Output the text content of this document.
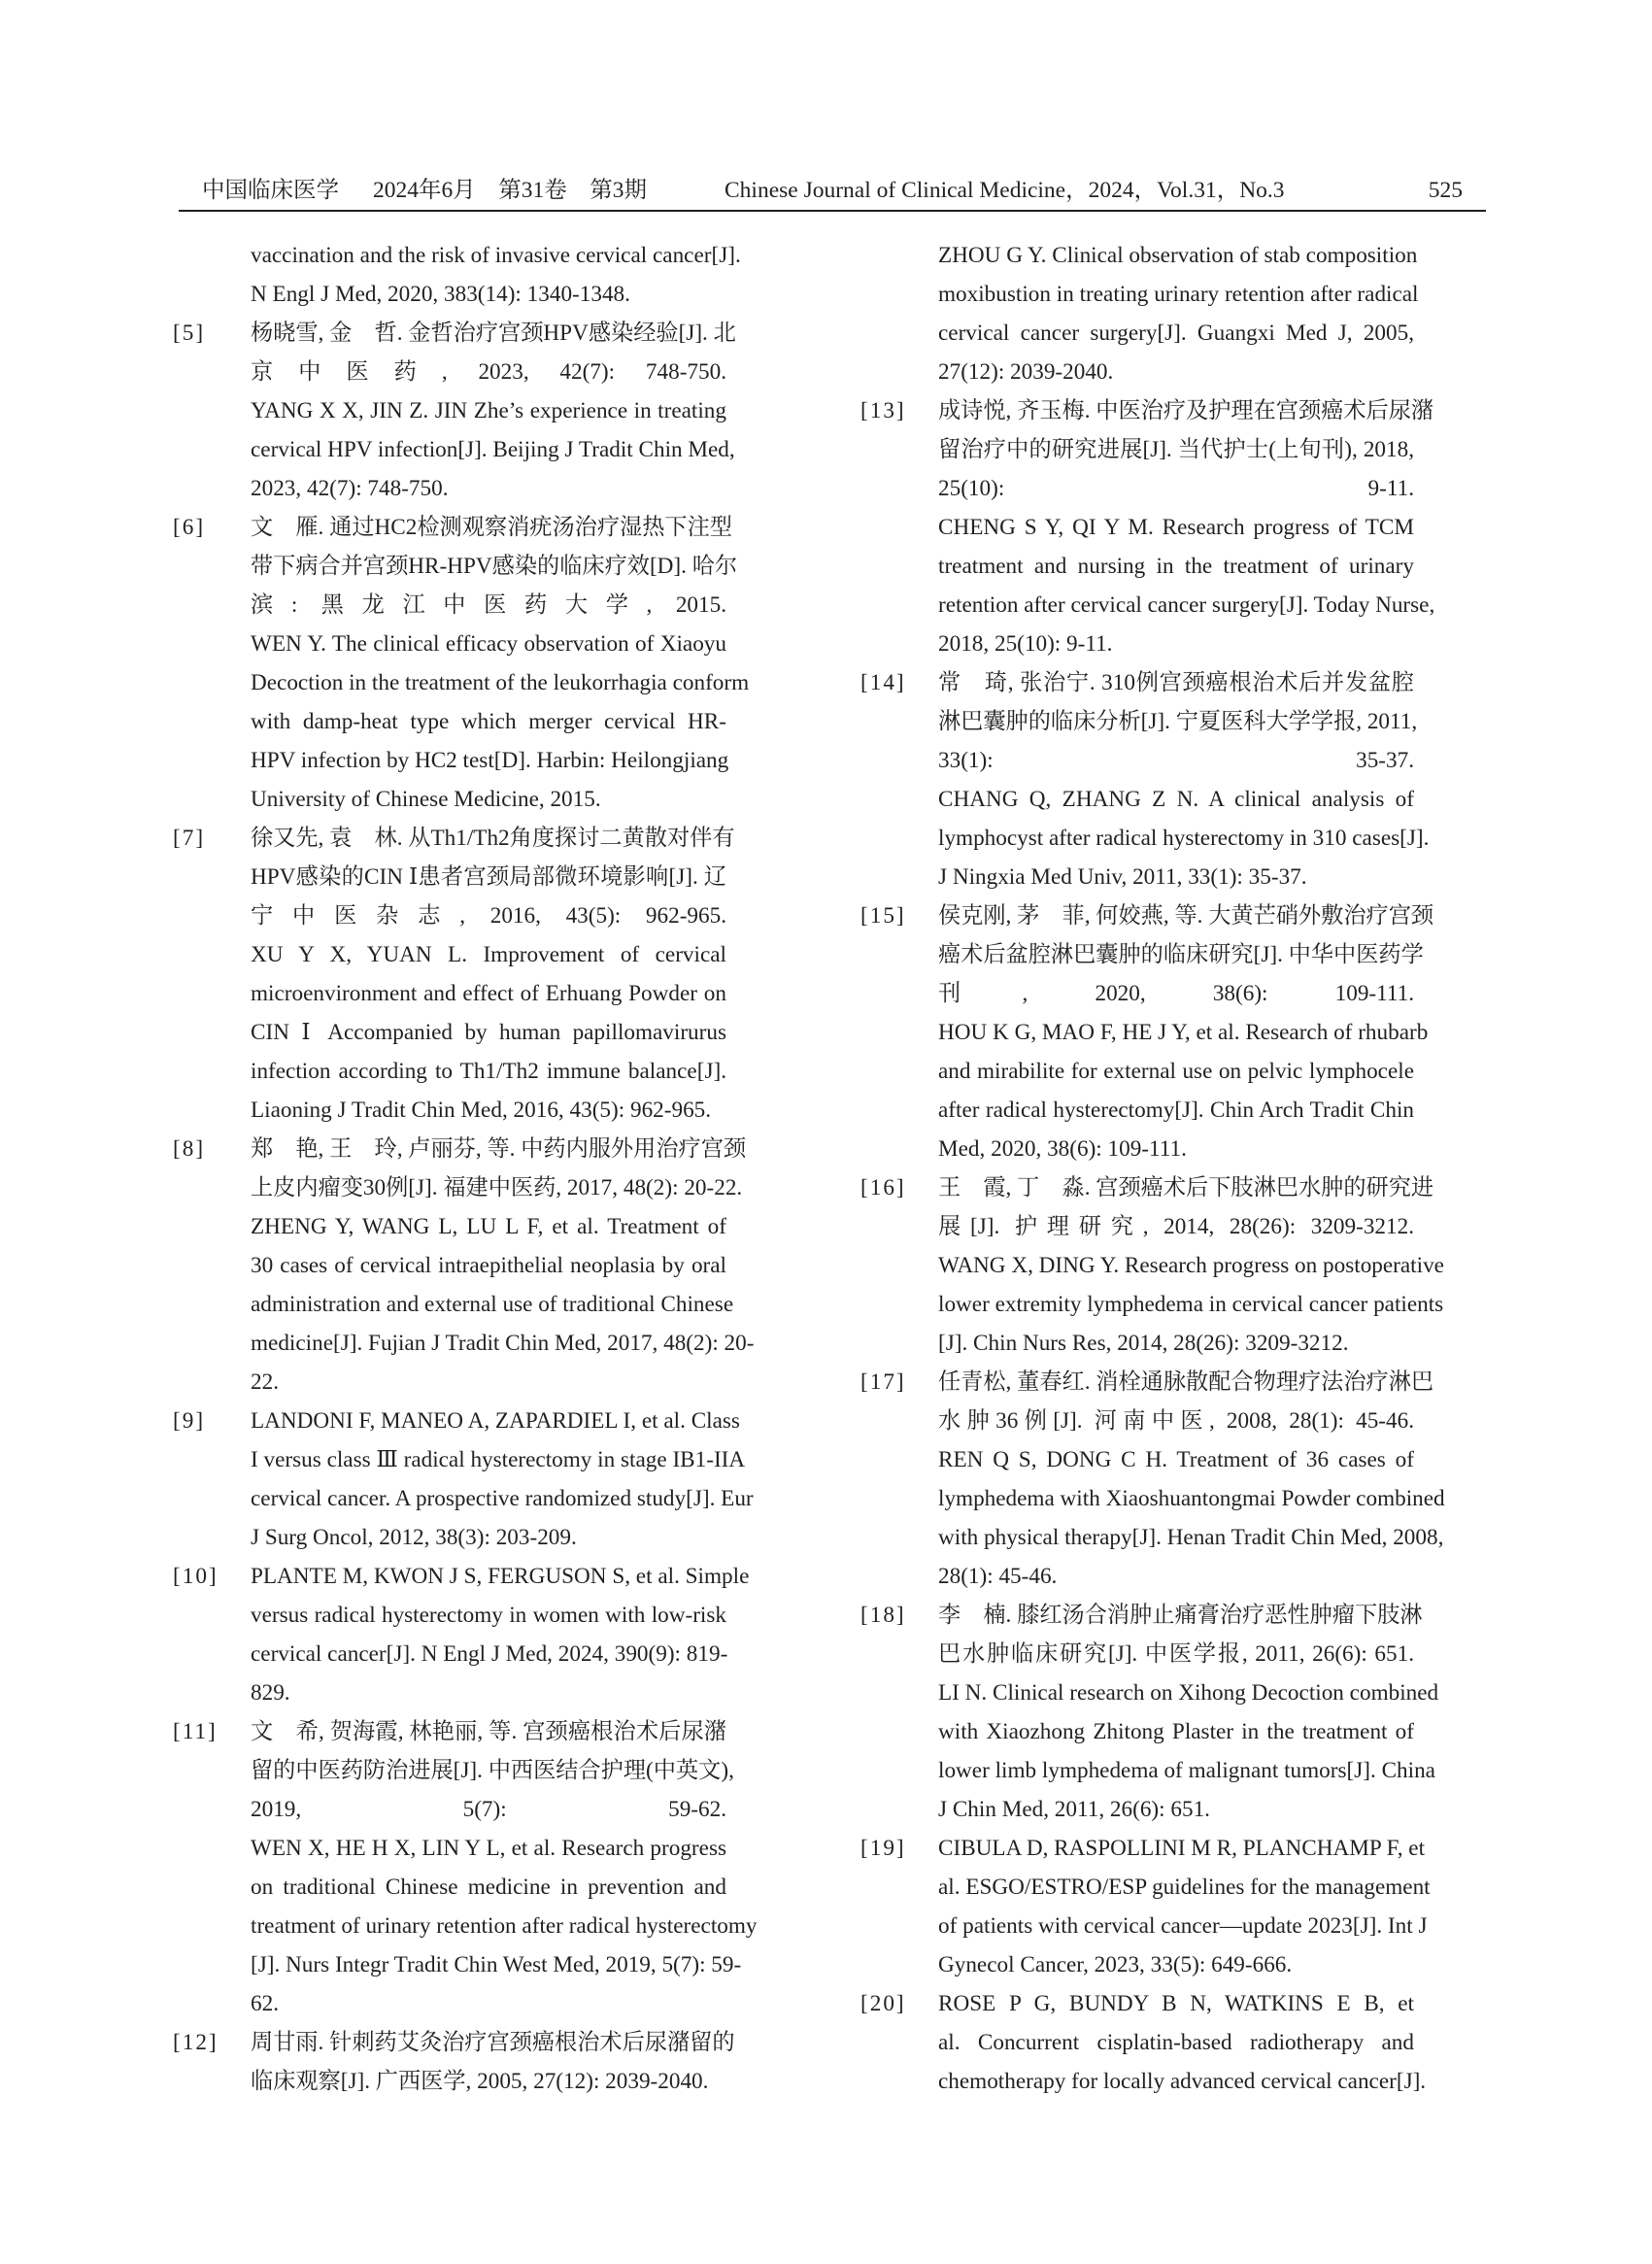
中国临床医学 2024年6月　第31卷　第3期	Chinese Journal of Clinical Medicine，2024，Vol.31，No.3	525
vaccination and the risk of invasive cervical cancer[J].
N Engl J Med, 2020, 383(14): 1340-1348.
[5] 杨晓雪, 金　哲. 金哲治疗宫颈HPV感染经验[J]. 北
京中医药, 2023, 42(7): 748-750.
YANG X X, JIN Z. JIN Zhe’s experience in treating
cervical HPV infection[J]. Beijing J Tradit Chin Med,
2023, 42(7): 748-750.
[6] 文　雁. 通过HC2检测观察消疣汤治疗湿热下注型
带下病合并宫颈HR-HPV感染的临床疗效[D]. 哈尔
滨: 黑龙江中医药大学, 2015.
WEN Y. The clinical efficacy observation of Xiaoyu
Decoction in the treatment of the leukorrhagia conform
with damp-heat type which merger cervical HR-
HPV infection by HC2 test[D]. Harbin: Heilongjiang
University of Chinese Medicine, 2015.
[7] 徐又先, 袁　林. 从Th1/Th2角度探讨二黄散对伴有
HPV感染的CIN Ⅰ患者宫颈局部微环境影响[J]. 辽
宁中医杂志, 2016, 43(5): 962-965.
XU Y X, YUAN L. Improvement of cervical
microenvironment and effect of Erhuang Powder on
CIN Ⅰ Accompanied by human papillomavirurus
infection according to Th1/Th2 immune balance[J].
Liaoning J Tradit Chin Med, 2016, 43(5): 962-965.
[8] 郑　艳, 王　玲, 卢丽芬, 等. 中药内服外用治疗宫颈
上皮内瘤变30例[J]. 福建中医药, 2017, 48(2): 20-22.
ZHENG Y, WANG L, LU L F, et al. Treatment of
30 cases of cervical intraepithelial neoplasia by oral
administration and external use of traditional Chinese
medicine[J]. Fujian J Tradit Chin Med, 2017, 48(2): 20-
22.
[9] LANDONI F, MANEO A, ZAPARDIEL I, et al. Class
I versus class Ⅲ radical hysterectomy in stage IB1-IIA
cervical cancer. A prospective randomized study[J]. Eur
J Surg Oncol, 2012, 38(3): 203-209.
[10] PLANTE M, KWON J S, FERGUSON S, et al. Simple
versus radical hysterectomy in women with low-risk
cervical cancer[J]. N Engl J Med, 2024, 390(9): 819-
829.
[11] 文　希, 贺海霞, 林艳丽, 等. 宫颈癌根治术后尿潴
留的中医药防治进展[J]. 中西医结合护理(中英文),
2019, 5(7): 59-62.
WEN X, HE H X, LIN Y L, et al. Research progress
on traditional Chinese medicine in prevention and
treatment of urinary retention after radical hysterectomy
[J]. Nurs Integr Tradit Chin West Med, 2019, 5(7): 59-
62.
[12] 周甘雨. 针刺药艾灸治疗宫颈癌根治术后尿潴留的
临床观察[J]. 广西医学, 2005, 27(12): 2039-2040.
ZHOU G Y. Clinical observation of stab composition
moxibustion in treating urinary retention after radical
cervical cancer surgery[J]. Guangxi Med J, 2005,
27(12): 2039-2040.
[13] 成诗悦, 齐玉梅. 中医治疗及护理在宫颈癌术后尿潴
留治疗中的研究进展[J]. 当代护士(上旬刊), 2018,
25(10): 9-11.
CHENG S Y, QI Y M. Research progress of TCM
treatment and nursing in the treatment of urinary
retention after cervical cancer surgery[J]. Today Nurse,
2018, 25(10): 9-11.
[14] 常　琦, 张治宁. 310例宫颈癌根治术后并发盆腔
淋巴囊肿的临床分析[J]. 宁夏医科大学学报, 2011,
33(1): 35-37.
CHANG Q, ZHANG Z N. A clinical analysis of
lymphocyst after radical hysterectomy in 310 cases[J].
J Ningxia Med Univ, 2011, 33(1): 35-37.
[15] 侯克刚, 茅　菲, 何姣燕, 等. 大黄芒硝外敷治疗宫颈
癌术后盆腔淋巴囊肿的临床研究[J]. 中华中医药学
刊, 2020, 38(6): 109-111.
HOU K G, MAO F, HE J Y, et al. Research of rhubarb
and mirabilite for external use on pelvic lymphocele
after radical hysterectomy[J]. Chin Arch Tradit Chin
Med, 2020, 38(6): 109-111.
[16] 王　霞, 丁　淼. 宫颈癌术后下肢淋巴水肿的研究进
展[J]. 护理研究, 2014, 28(26): 3209-3212.
WANG X, DING Y. Research progress on postoperative
lower extremity lymphedema in cervical cancer patients
[J]. Chin Nurs Res, 2014, 28(26): 3209-3212.
[17] 任青松, 董春红. 消栓通脉散配合物理疗法治疗淋巴
水肿36例[J]. 河南中医, 2008, 28(1): 45-46.
REN Q S, DONG C H. Treatment of 36 cases of
lymphedema with Xiaoshuantongmai Powder combined
with physical therapy[J]. Henan Tradit Chin Med, 2008,
28(1): 45-46.
[18] 李　楠. 膝红汤合消肿止痛膏治疗恶性肿瘤下肢淋
巴水肿临床研究[J]. 中医学报, 2011, 26(6): 651.
LI N. Clinical research on Xihong Decoction combined
with Xiaozhong Zhitong Plaster in the treatment of
lower limb lymphedema of malignant tumors[J]. China
J Chin Med, 2011, 26(6): 651.
[19] CIBULA D, RASPOLLINI M R, PLANCHAMP F, et
al. ESGO/ESTRO/ESP guidelines for the management
of patients with cervical cancer—update 2023[J]. Int J
Gynecol Cancer, 2023, 33(5): 649-666.
[20] ROSE P G, BUNDY B N, WATKINS E B, et
al. Concurrent cisplatin-based radiotherapy and
chemotherapy for locally advanced cervical cancer[J].
